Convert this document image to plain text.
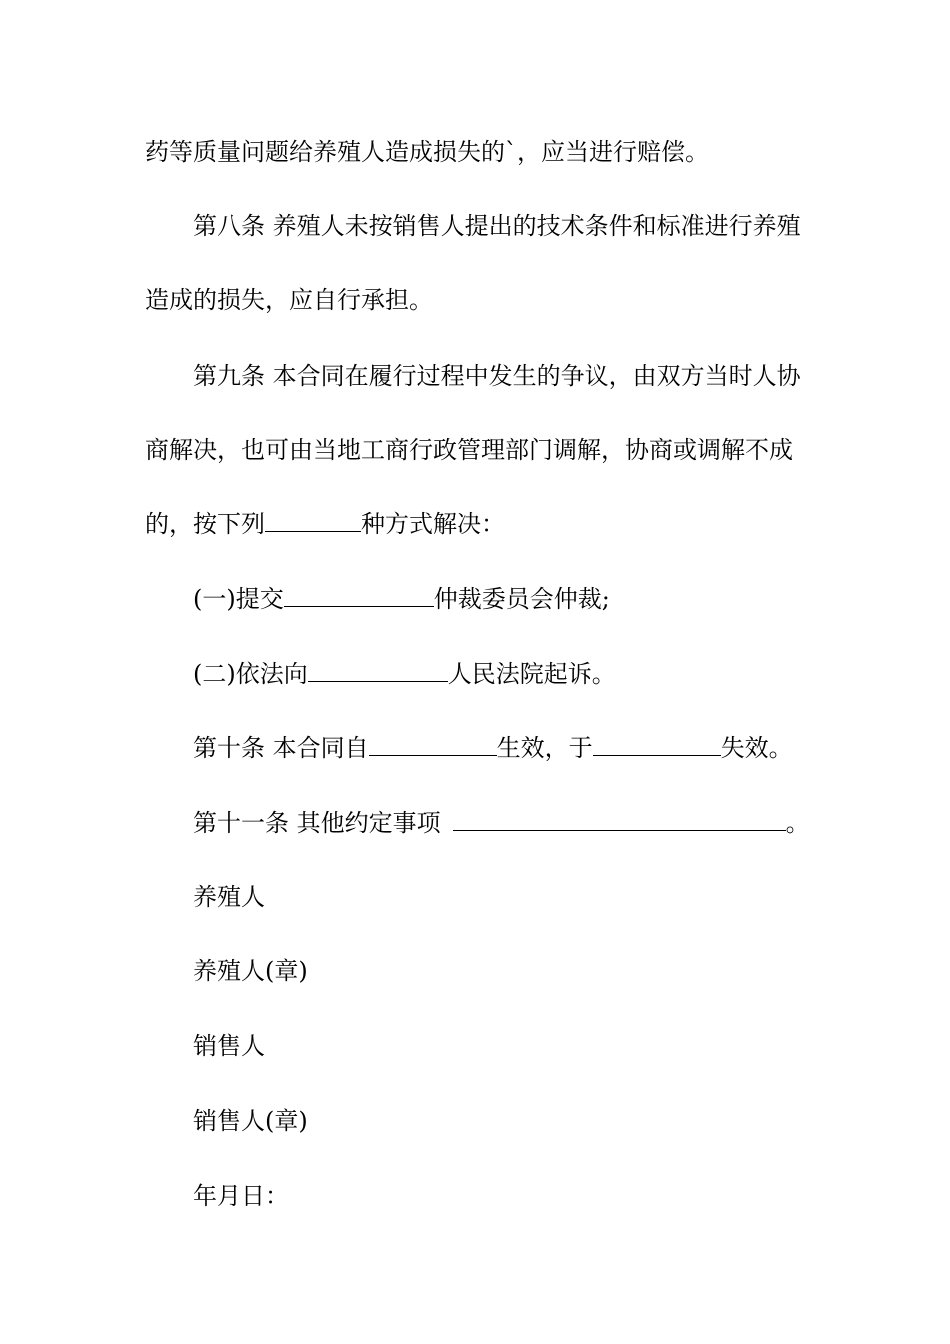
药等质量问题给养殖人造成损失的`，应当进行赔偿。
第八条 养殖人未按销售人提出的技术条件和标准进行养殖
造成的损失，应自行承担。
第九条 本合同在履行过程中发生的争议，由双方当时人协
商解决，也可由当地工商行政管理部门调解，协商或调解不成
的，按下列	种方式解决：
(一)提交	仲裁委员会仲裁;
(二)依法向	人民法院起诉。
第十条 本合同自	生效，于	失效。
第十一条 其他约定事项	。
养殖人
养殖人(章)
销售人
销售人(章)
年月日：
